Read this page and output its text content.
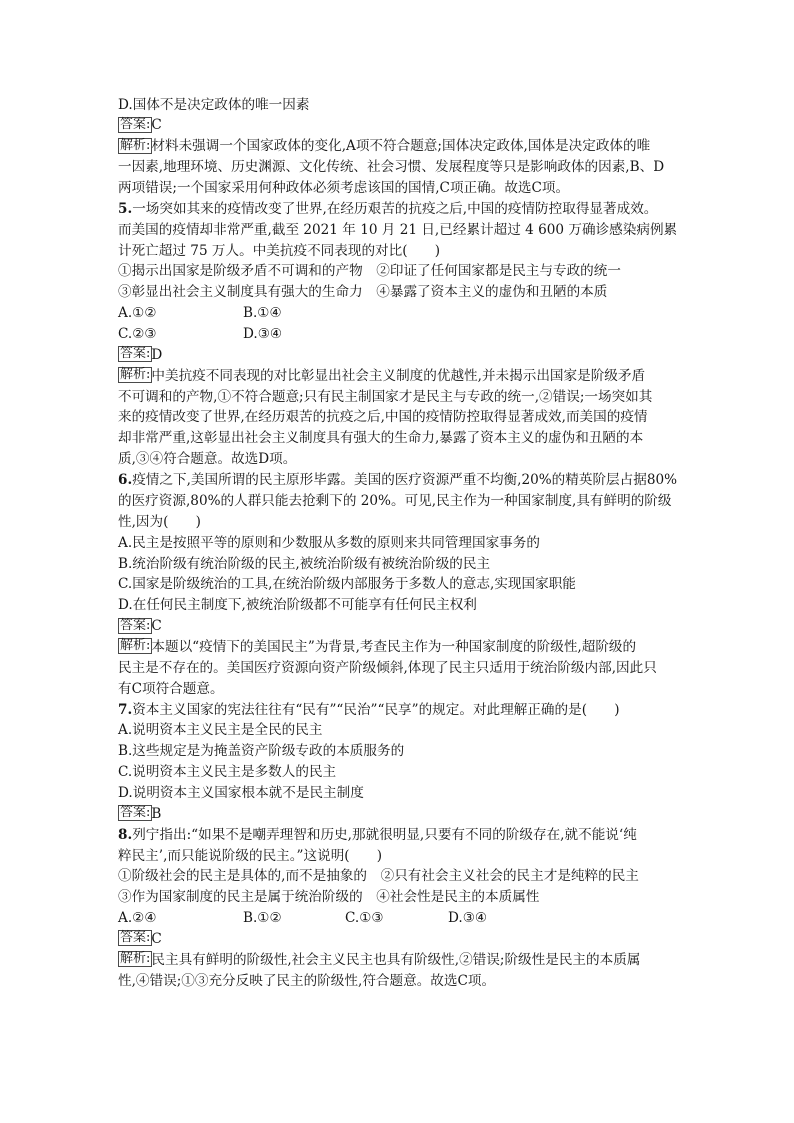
D.国体不是决定政体的唯一因素
答案:C
解析:材料未强调一个国家政体的变化,A项不符合题意;国体决定政体,国体是决定政体的唯
一因素,地理环境、历史渊源、文化传统、社会习惯、发展程度等只是影响政体的因素,B、D
两项错误;一个国家采用何种政体必须考虑该国的国情,C项正确。故选C项。
5.一场突如其来的疫情改变了世界,在经历艰苦的抗疫之后,中国的疫情防控取得显著成效。
而美国的疫情却非常严重,截至 2021 年 10 月 21 日,已经累计超过 4 600 万确诊感染病例累
计死亡超过 75 万人。中美抗疫不同表现的对比(　　)
①揭示出国家是阶级矛盾不可调和的产物　②印证了任何国家都是民主与专政的统一
③彰显出社会主义制度具有强大的生命力　④暴露了资本主义的虚伪和丑陋的本质
A.①②	B.①④
C.②③	D.③④
答案:D
解析:中美抗疫不同表现的对比彰显出社会主义制度的优越性,并未揭示出国家是阶级矛盾
不可调和的产物,①不符合题意;只有民主制国家才是民主与专政的统一,②错误;一场突如其
来的疫情改变了世界,在经历艰苦的抗疫之后,中国的疫情防控取得显著成效,而美国的疫情
却非常严重,这彰显出社会主义制度具有强大的生命力,暴露了资本主义的虚伪和丑陋的本
质,③④符合题意。故选D项。
6.疫情之下,美国所谓的民主原形毕露。美国的医疗资源严重不均衡,20%的精英阶层占据80%
的医疗资源,80%的人群只能去抢剩下的 20%。可见,民主作为一种国家制度,具有鲜明的阶级
性,因为(　　)
A.民主是按照平等的原则和少数服从多数的原则来共同管理国家事务的
B.统治阶级有统治阶级的民主,被统治阶级有被统治阶级的民主
C.国家是阶级统治的工具,在统治阶级内部服务于多数人的意志,实现国家职能
D.在任何民主制度下,被统治阶级都不可能享有任何民主权利
答案:C
解析:本题以“疫情下的美国民主”为背景,考查民主作为一种国家制度的阶级性,超阶级的
民主是不存在的。美国医疗资源向资产阶级倾斜,体现了民主只适用于统治阶级内部,因此只
有C项符合题意。
7.资本主义国家的宪法往往有“民有”“民治”“民享”的规定。对此理解正确的是(　　)
A.说明资本主义民主是全民的民主
B.这些规定是为掩盖资产阶级专政的本质服务的
C.说明资本主义民主是多数人的民主
D.说明资本主义国家根本就不是民主制度
答案:B
8.列宁指出:“如果不是嘲弄理智和历史,那就很明显,只要有不同的阶级存在,就不能说‘纯
粹民主’,而只能说阶级的民主。”这说明(　　)
①阶级社会的民主是具体的,而不是抽象的　②只有社会主义社会的民主才是纯粹的民主
③作为国家制度的民主是属于统治阶级的　④社会性是民主的本质属性
A.②④	B.①②	C.①③	D.③④
答案:C
解析:民主具有鲜明的阶级性,社会主义民主也具有阶级性,②错误;阶级性是民主的本质属
性,④错误;①③充分反映了民主的阶级性,符合题意。故选C项。
